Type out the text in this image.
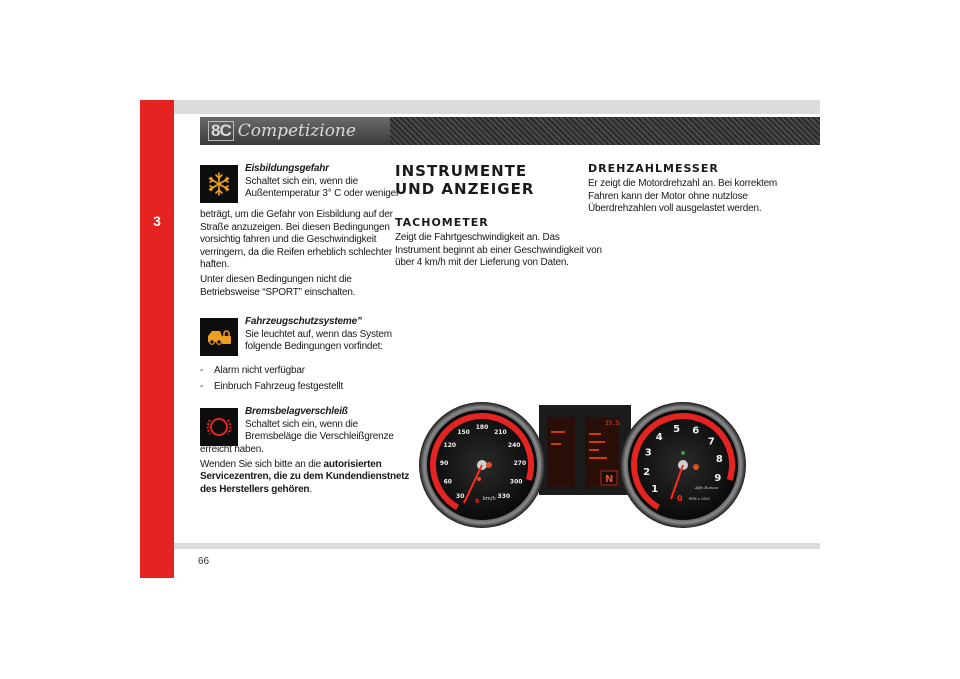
3
8C Competizione
Eisbildungsgefahr
Schaltet sich ein, wenn die
Außentemperatur 3° C oder weniger
beträgt, um die Gefahr von Eisbildung auf der
Straße anzuzeigen. Bei diesen Bedingungen
vorsichtig fahren und die Geschwindigkeit
verringern, da die Reifen erheblich schlechter
haften.
Unter diesen Bedingungen nicht die
Betriebsweise “SPORT” einschalten.
Fahrzeugschutzsysteme”
Sie leuchtet auf, wenn das System
folgende Bedingungen vorfindet:
- Alarm nicht verfügbar
- Einbruch Fahrzeug festgestellt
Bremsbelagverschleiß
Schaltet sich ein, wenn die
Bremsbeläge die Verschleißgrenze
erreicht haben.
Wenden Sie sich bitte an die autorisierten
Servicezentren, die zu dem Kundendienstnetz
des Herstellers gehören.
INSTRUMENTE
UND ANZEIGER
TACHOMETER
Zeigt die Fahrtgeschwindigkeit an. Das
Instrument beginnt ab einer Geschwindigkeit von
über 4 km/h mit der Lieferung von Daten.
DREHZAHLMESSER
Er zeigt die Motordrehzahl an. Bei korrektem
Fahren kann der Motor ohne nutzlose
Überdrehzahlen voll ausgelastet werden.
25.5
N
30
60
90
120
150
180
210
240
270
300
330
km/h
0
1
2
3
4
5 6
7
8
9
0 RPM x 1000
Alfa Romeo
66
